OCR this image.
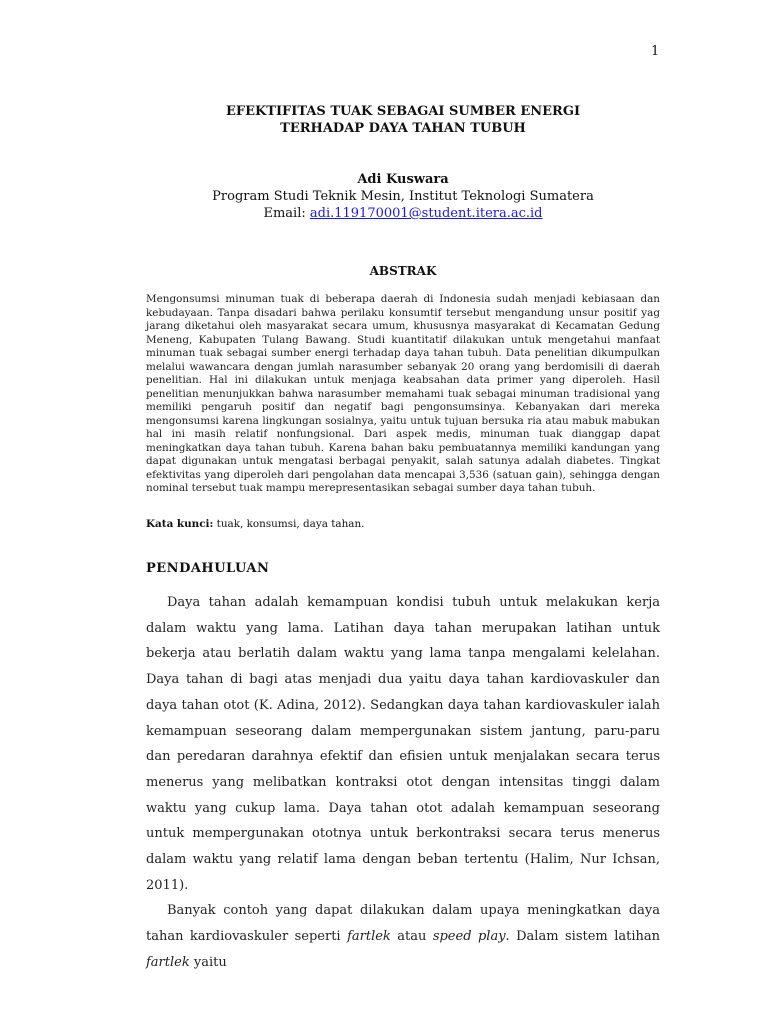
1
EFEKTIFITAS TUAK SEBAGAI SUMBER ENERGI
TERHADAP DAYA TAHAN TUBUH
Adi Kuswara
Program Studi Teknik Mesin, Institut Teknologi Sumatera
Email: adi.119170001@student.itera.ac.id
ABSTRAK
Mengonsumsi minuman tuak di beberapa daerah di Indonesia sudah menjadi kebiasaan dan kebudayaan. Tanpa disadari bahwa perilaku konsumtif tersebut mengandung unsur positif yag jarang diketahui oleh masyarakat secara umum, khususnya masyarakat di Kecamatan Gedung Meneng, Kabupaten Tulang Bawang. Studi kuantitatif dilakukan untuk mengetahui manfaat minuman tuak sebagai sumber energi terhadap daya tahan tubuh. Data penelitian dikumpulkan melalui wawancara dengan jumlah narasumber sebanyak 20 orang yang berdomisili di daerah penelitian. Hal ini dilakukan untuk menjaga keabsahan data primer yang diperoleh. Hasil penelitian menunjukkan bahwa narasumber memahami tuak sebagai minuman tradisional yang memiliki pengaruh positif dan negatif bagi pengonsumsinya. Kebanyakan dari mereka mengonsumsi karena lingkungan sosialnya, yaitu untuk tujuan bersuka ria atau mabuk mabukan hal ini masih relatif nonfungsional. Dari aspek medis, minuman tuak dianggap dapat meningkatkan daya tahan tubuh. Karena bahan baku pembuatannya memiliki kandungan yang dapat digunakan untuk mengatasi berbagai penyakit, salah satunya adalah diabetes. Tingkat efektivitas yang diperoleh dari pengolahan data mencapai 3,536 (satuan gain), sehingga dengan nominal tersebut tuak mampu merepresentasikan sebagai sumber daya tahan tubuh.
Kata kunci: tuak, konsumsi, daya tahan.
PENDAHULUAN

Daya tahan adalah kemampuan kondisi tubuh untuk melakukan kerja dalam waktu yang lama. Latihan daya tahan merupakan latihan untuk bekerja atau berlatih dalam waktu yang lama tanpa mengalami kelelahan. Daya tahan di bagi atas menjadi dua yaitu daya tahan kardiovaskuler dan daya tahan otot (K. Adina, 2012). Sedangkan daya tahan kardiovaskuler ialah kemampuan seseorang dalam mempergunakan sistem jantung, paru-paru dan peredaran darahnya efektif dan efisien untuk menjalakan secara terus menerus yang melibatkan kontraksi otot dengan intensitas tinggi dalam waktu yang cukup lama. Daya tahan otot adalah kemampuan seseorang untuk mempergunakan ototnya untuk berkontraksi secara terus menerus dalam waktu yang relatif lama dengan beban tertentu (Halim, Nur Ichsan, 2011).

Banyak contoh yang dapat dilakukan dalam upaya meningkatkan daya tahan kardiovaskuler seperti fartlek atau speed play. Dalam sistem latihan fartlek yaitu
